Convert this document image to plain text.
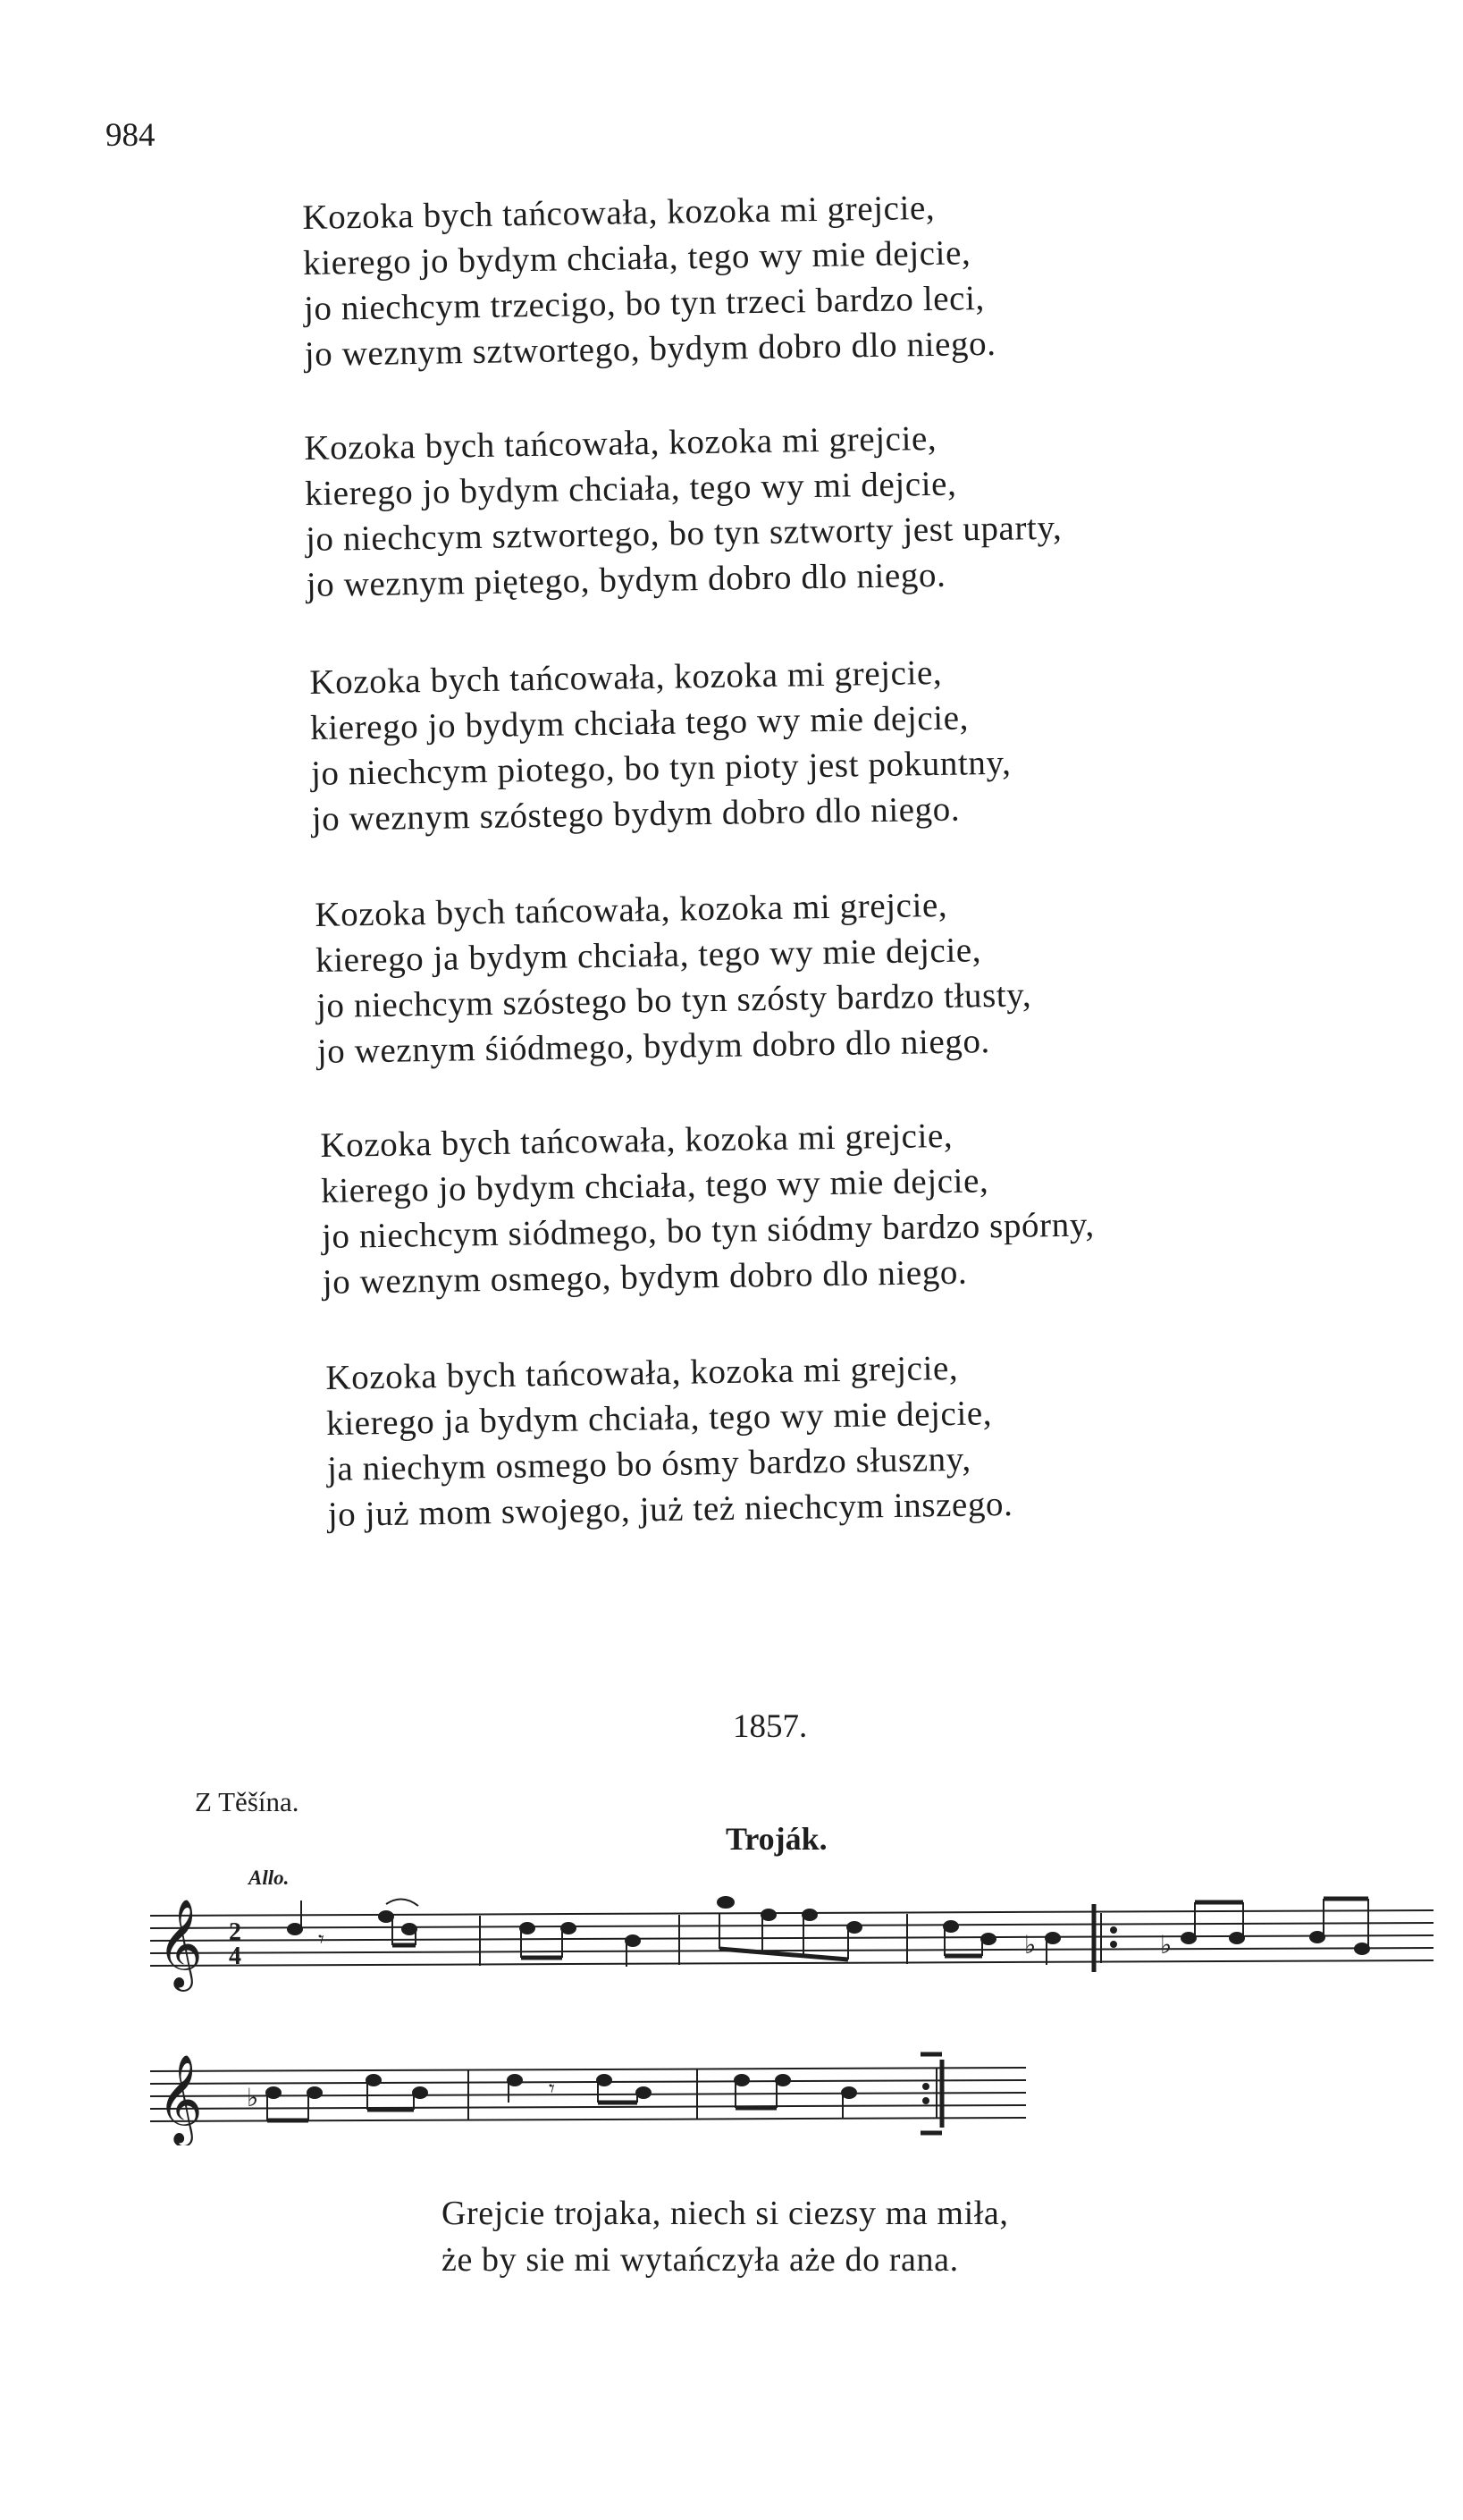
984
Kozoka bych tańcowała, kozoka mi grejcie,
kierego jo bydym chciała, tego wy mie dejcie,
jo niechcym trzecigo, bo tyn trzeci bardzo leci,
jo weznym sztwortego, bydym dobro dlo niego.
Kozoka bych tańcowała, kozoka mi grejcie,
kierego jo bydym chciała, tego wy mi dejcie,
jo niechcym sztwortego, bo tyn sztworty jest uparty,
jo weznym piętego, bydym dobro dlo niego.
Kozoka bych tańcowała, kozoka mi grejcie,
kierego jo bydym chciała tego wy mie dejcie,
jo niechcym piotego, bo tyn pioty jest pokuntny,
jo weznym szóstego bydym dobro dlo niego.
Kozoka bych tańcowała, kozoka mi grejcie,
kierego ja bydym chciała, tego wy mie dejcie,
jo niechcym szóstego bo tyn szósty bardzo tłusty,
jo weznym śiódmego, bydym dobro dlo niego.
Kozoka bych tańcowała, kozoka mi grejcie,
kierego jo bydym chciała, tego wy mie dejcie,
jo niechcym siódmego, bo tyn siódmy bardzo spórny,
jo weznym osmego, bydym dobro dlo niego.
Kozoka bych tańcowała, kozoka mi grejcie,
kierego ja bydym chciała, tego wy mie dejcie,
ja niechym osmego bo ósmy bardzo słuszny,
jo już mom swojego, już też niechcym inszego.
1857.
Z Těšína.
Troják.
Allo.
𝄞
𝄞
2
4
𝄾	♭	♭
♭	𝄾
Grejcie trojaka, niech si ciezsy ma miła,
że by sie mi wytańczyła aże do rana.
